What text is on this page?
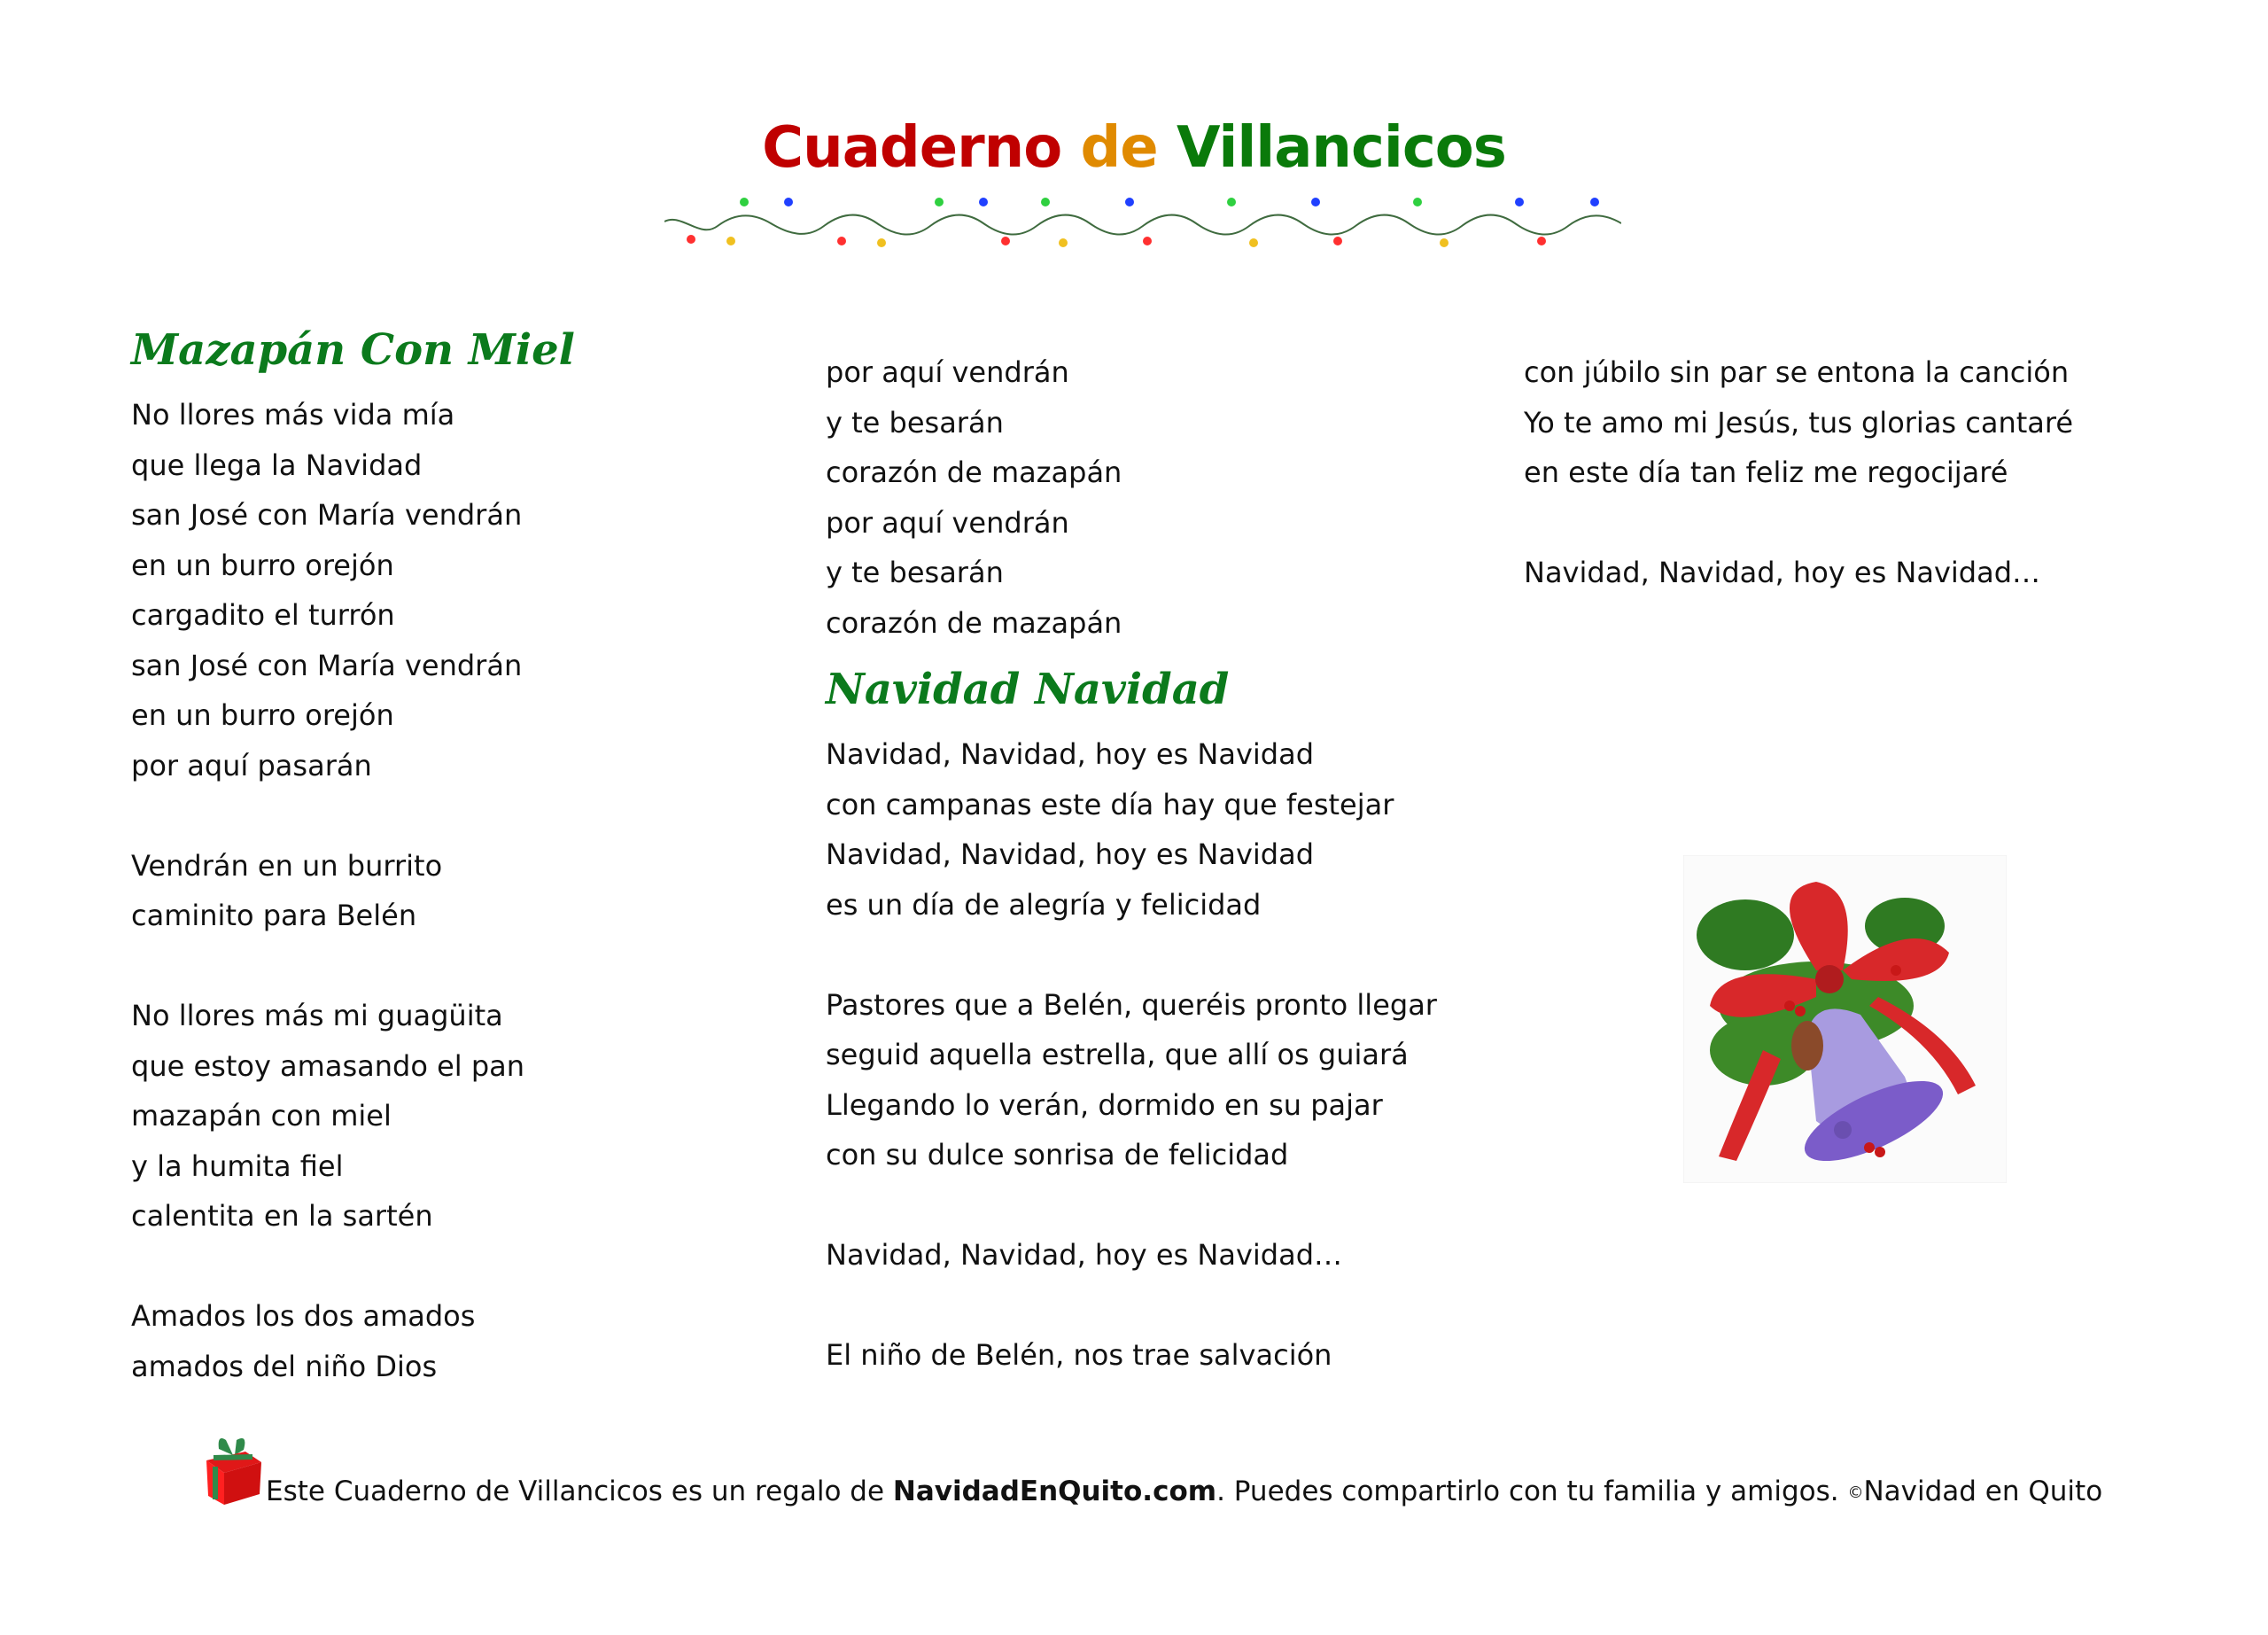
Cuaderno de Villancicos
Mazapán Con Miel
No llores más vida mía
que llega la Navidad
san José con María vendrán
en un burro orejón
cargadito el turrón
san José con María vendrán
en un burro orejón
por aquí pasarán
Vendrán en un burrito
caminito para Belén
No llores más mi guagüita
que estoy amasando el pan
mazapán con miel
y la humita fiel
calentita en la sartén
Amados los dos amados
amados del niño Dios
por aquí vendrán
y te besarán
corazón de mazapán
por aquí vendrán
y te besarán
corazón de mazapán
Navidad Navidad
Navidad, Navidad, hoy es Navidad
con campanas este día hay que festejar
Navidad, Navidad, hoy es Navidad
es un día de alegría y felicidad
Pastores que a Belén, queréis pronto llegar
seguid aquella estrella, que allí os guiará
Llegando lo verán, dormido en su pajar
con su dulce sonrisa de felicidad
Navidad, Navidad, hoy es Navidad…
El niño de Belén, nos trae salvación
con júbilo sin par se entona la canción
Yo te amo mi Jesús, tus glorias cantaré
en este día tan feliz me regocijaré
Navidad, Navidad, hoy es Navidad…
Este Cuaderno de Villancicos es un regalo de NavidadEnQuito.com. Puedes compartirlo con tu familia y amigos. ©Navidad en Quito
